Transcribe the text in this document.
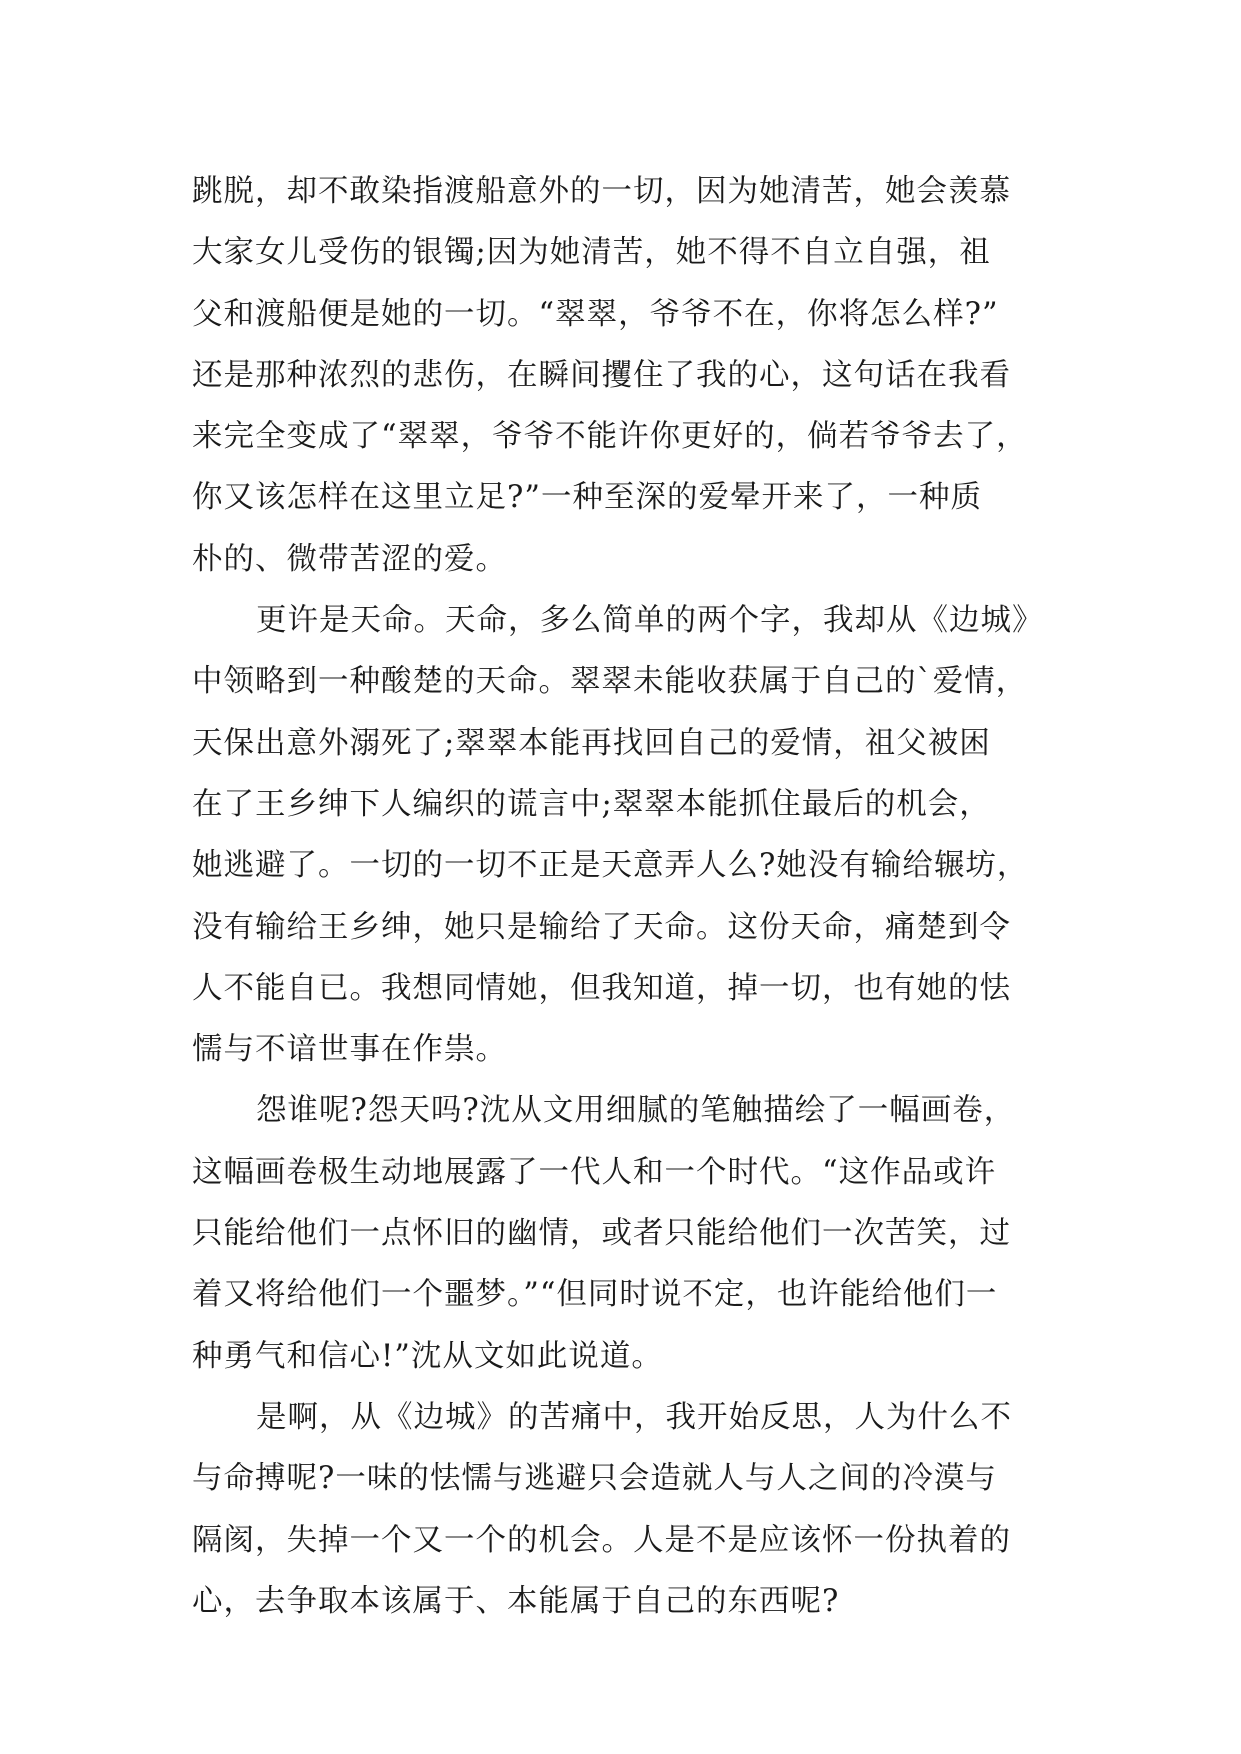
跳脱，却不敢染指渡船意外的一切，因为她清苦，她会羡慕
大家女儿受伤的银镯;因为她清苦，她不得不自立自强，祖
父和渡船便是她的一切。“翠翠，爷爷不在，你将怎么样?”
还是那种浓烈的悲伤，在瞬间攫住了我的心，这句话在我看
来完全变成了“翠翠，爷爷不能许你更好的，倘若爷爷去了，
你又该怎样在这里立足?”一种至深的爱晕开来了，一种质
朴的、微带苦涩的爱。
更许是天命。天命，多么简单的两个字，我却从《边城》
中领略到一种酸楚的天命。翠翠未能收获属于自己的`爱情，
天保出意外溺死了;翠翠本能再找回自己的爱情，祖父被困
在了王乡绅下人编织的谎言中;翠翠本能抓住最后的机会，
她逃避了。一切的一切不正是天意弄人么?她没有输给辗坊，
没有输给王乡绅，她只是输给了天命。这份天命，痛楚到令
人不能自已。我想同情她，但我知道，掉一切，也有她的怯
懦与不谙世事在作祟。
怨谁呢?怨天吗?沈从文用细腻的笔触描绘了一幅画卷，
这幅画卷极生动地展露了一代人和一个时代。“这作品或许
只能给他们一点怀旧的幽情，或者只能给他们一次苦笑，过
着又将给他们一个噩梦。”“但同时说不定，也许能给他们一
种勇气和信心!”沈从文如此说道。
是啊，从《边城》的苦痛中，我开始反思，人为什么不
与命搏呢?一味的怯懦与逃避只会造就人与人之间的冷漠与
隔阂，失掉一个又一个的机会。人是不是应该怀一份执着的
心，去争取本该属于、本能属于自己的东西呢?
